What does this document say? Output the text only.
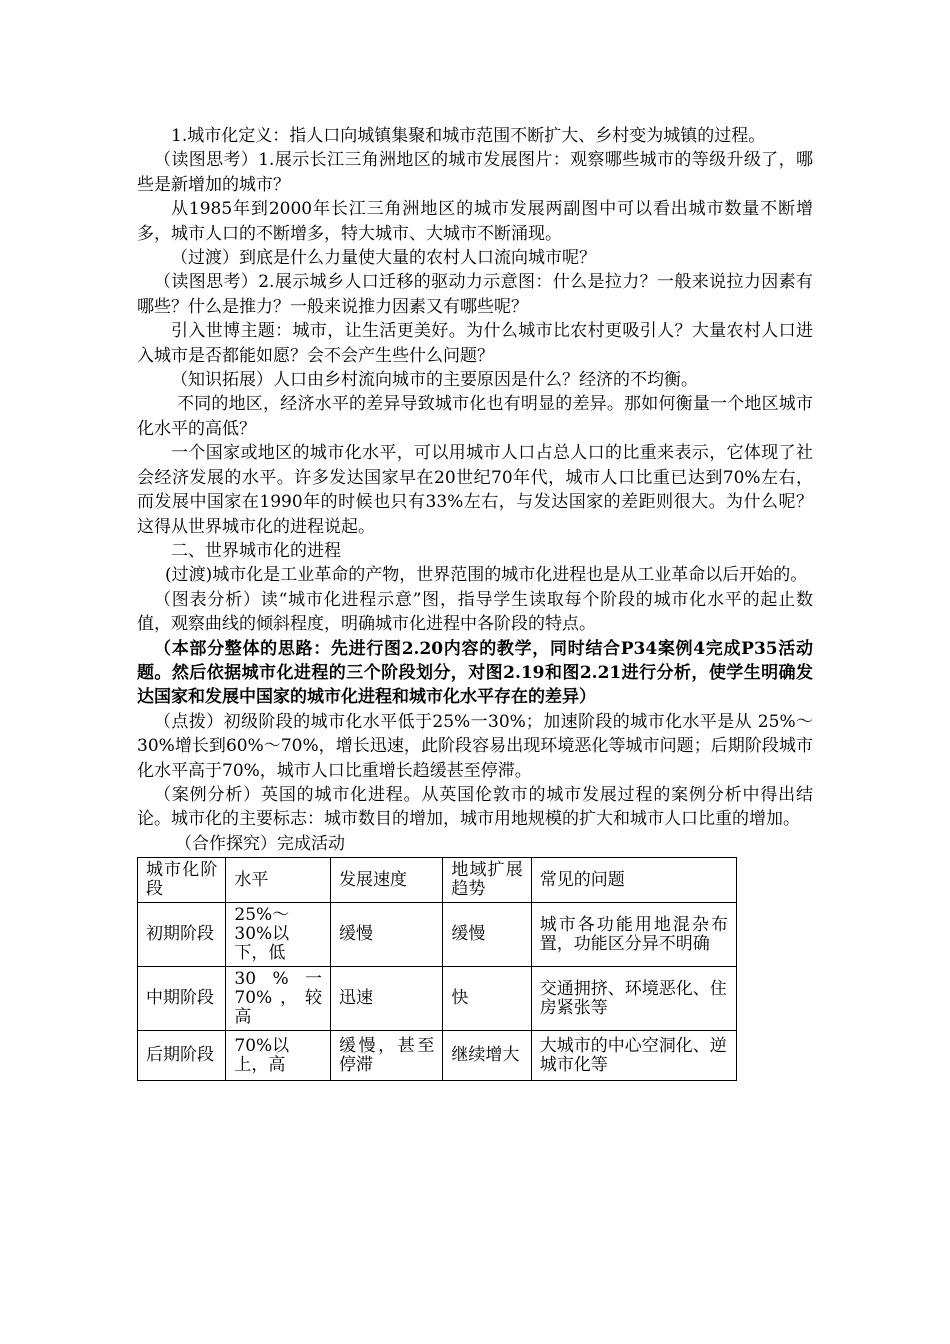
1.城市化定义：指人口向城镇集聚和城市范围不断扩大、乡村变为城镇的过程。

（读图思考）1.展示长江三角洲地区的城市发展图片：观察哪些城市的等级升级了，哪些是新增加的城市？

从1985年到2000年长江三角洲地区的城市发展两副图中可以看出城市数量不断增多，城市人口的不断增多，特大城市、大城市不断涌现。

（过渡）到底是什么力量使大量的农村人口流向城市呢？

（读图思考）2.展示城乡人口迁移的驱动力示意图：什么是拉力？一般来说拉力因素有哪些？什么是推力？一般来说推力因素又有哪些呢？

引入世博主题：城市，让生活更美好。为什么城市比农村更吸引人？大量农村人口进入城市是否都能如愿？会不会产生些什么问题？

（知识拓展）人口由乡村流向城市的主要原因是什么？经济的不均衡。

不同的地区，经济水平的差异导致城市化也有明显的差异。那如何衡量一个地区城市化水平的高低？

一个国家或地区的城市化水平，可以用城市人口占总人口的比重来表示，它体现了社会经济发展的水平。许多发达国家早在20世纪70年代，城市人口比重已达到70%左右，而发展中国家在1990年的时候也只有33%左右，与发达国家的差距则很大。为什么呢？这得从世界城市化的进程说起。

二、世界城市化的进程

(过渡)城市化是工业革命的产物，世界范围的城市化进程也是从工业革命以后开始的。

（图表分析）读“城市化进程示意”图，指导学生读取每个阶段的城市化水平的起止数值，观察曲线的倾斜程度，明确城市化进程中各阶段的特点。

（本部分整体的思路：先进行图2.20内容的教学，同时结合P34案例4完成P35活动题。然后依据城市化进程的三个阶段划分，对图2.19和图2.21进行分析，使学生明确发达国家和发展中国家的城市化进程和城市化水平存在的差异）

（点拨）初级阶段的城市化水平低于25%一30%；加速阶段的城市化水平是从 25%～30%增长到60%～70%，增长迅速，此阶段容易出现环境恶化等城市问题；后期阶段城市化水平高于70%，城市人口比重增长趋缓甚至停滞。

（案例分析）英国的城市化进程。从英国伦敦市的城市发展过程的案例分析中得出结论。城市化的主要标志：城市数目的增加，城市用地规模的扩大和城市人口比重的增加。

（合作探究）完成活动

城市化阶段	水平	发展速度	地域扩展趋势	常见的问题
初期阶段	25%～30%以下，低	缓慢	缓慢	城市各功能用地混杂布置，功能区分异不明确
中期阶段	30 % 一70%，较高	迅速	快	交通拥挤、环境恶化、住房紧张等
后期阶段	70%以上，高	缓慢，甚至停滞	继续增大	大城市的中心空洞化、逆城市化等
